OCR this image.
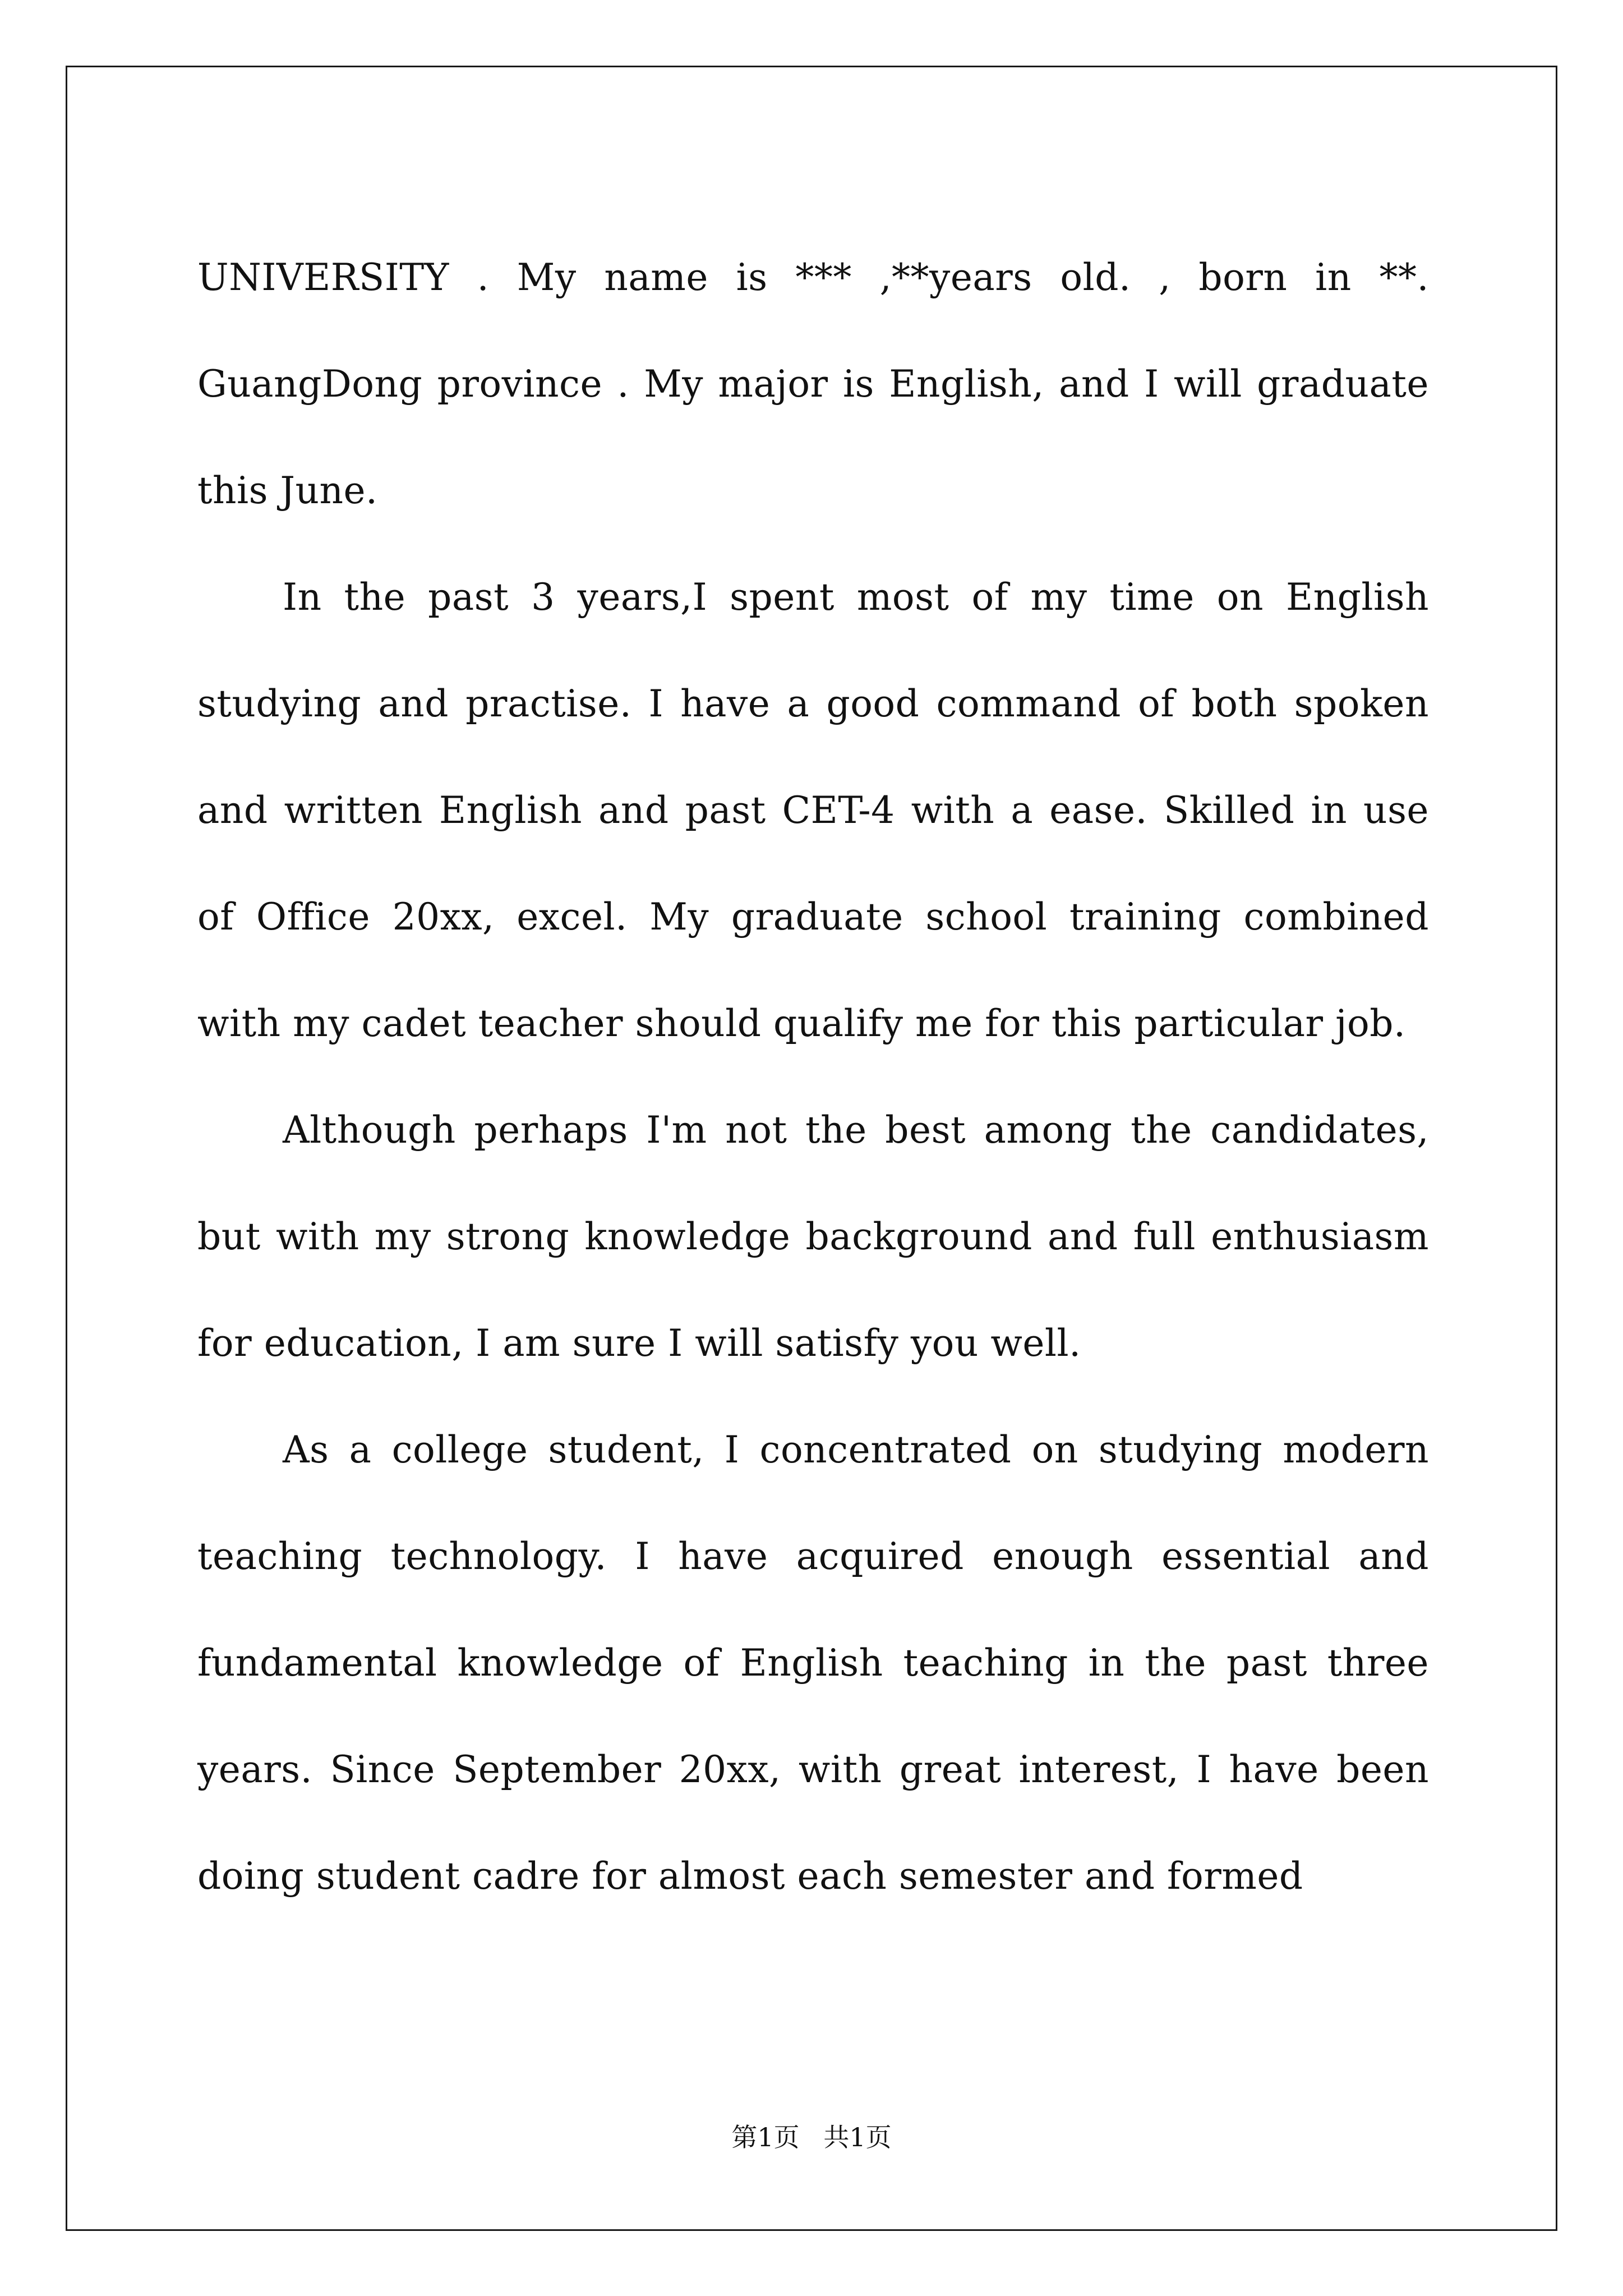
UNIVERSITY . My name is *** ,**years old. , born in **. GuangDong province . My major is English, and I will graduate this June.

In the past 3 years,I spent most of my time on English studying and practise. I have a good command of both spoken and written English and past CET-4 with a ease. Skilled in use of Office 20xx, excel. My graduate school training combined with my cadet teacher should qualify me for this particular job.

Although perhaps I'm not the best among the candidates, but with my strong knowledge background and full enthusiasm for education, I am sure I will satisfy you well.

As a college student, I concentrated on studying modern teaching technology. I have acquired enough essential and fundamental knowledge of English teaching in the past three years. Since September 20xx, with great interest, I have been doing student cadre for almost each semester and formed

第1页 共1页
